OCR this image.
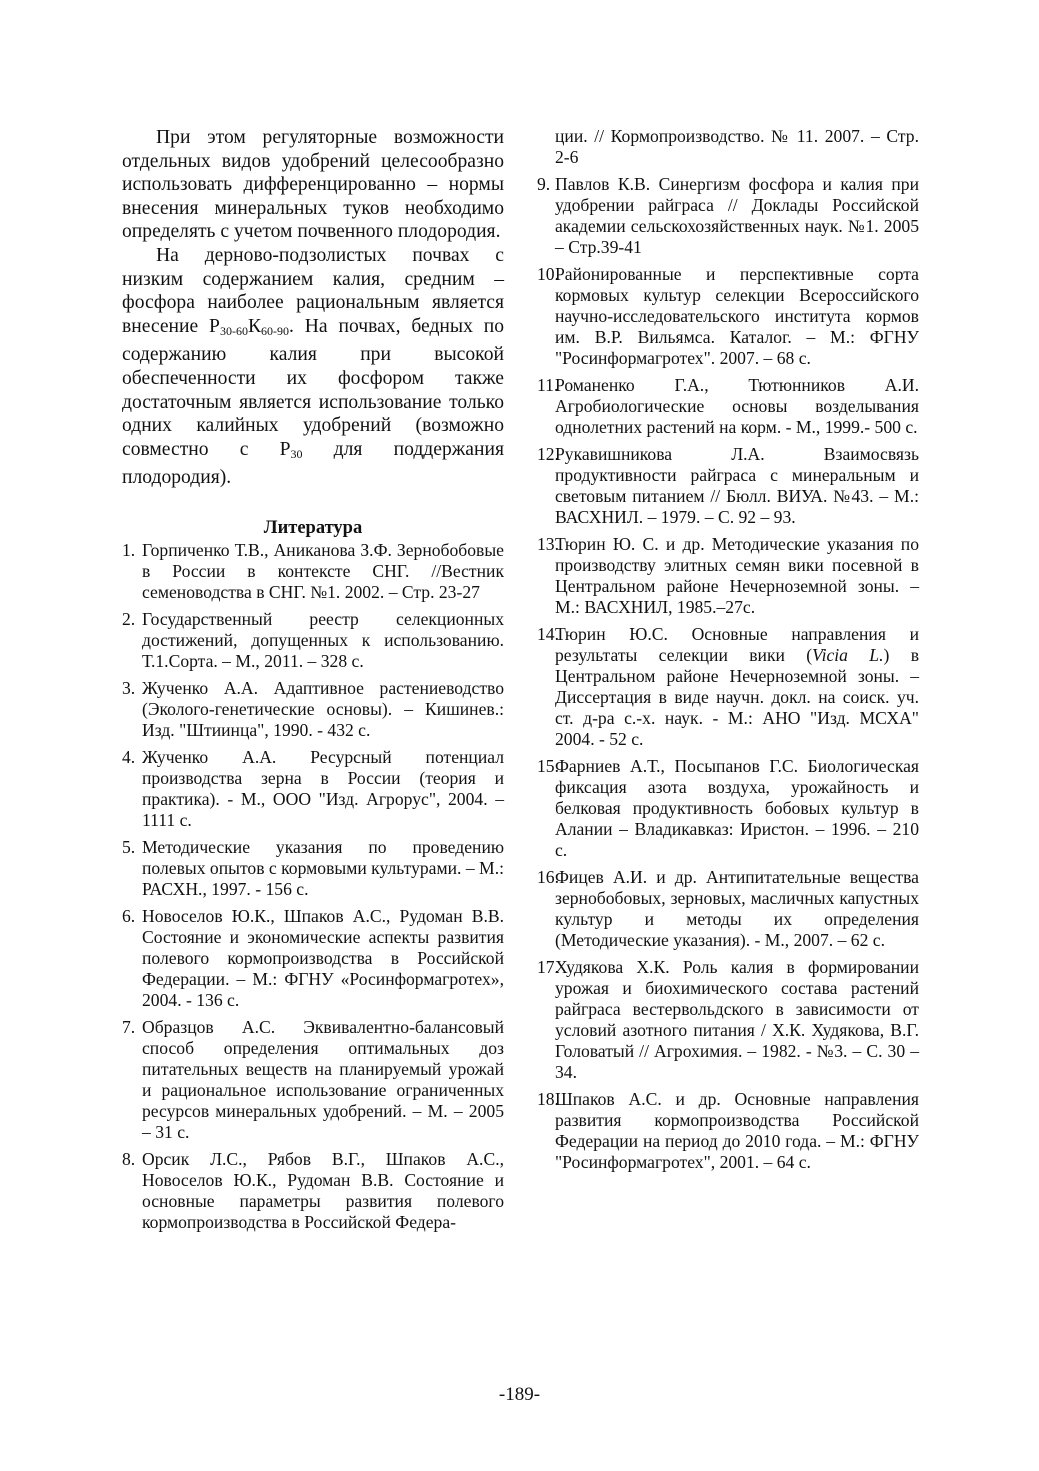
При этом регуляторные возможности отдельных видов удобрений целесообразно использовать дифференцированно – нормы внесения минеральных туков необходимо определять с учетом почвенного плодородия.

На дерново-подзолистых почвах с низким содержанием калия, средним – фосфора наиболее рациональным является внесение $Р_{30-60}К_{60-90}$. На почвах, бедных по содержанию калия при высокой обеспеченности их фосфором также достаточным является использование только одних калийных удобрений (возможно совместно с $Р_{30}$ для поддержания плодородия).

Литература
1. Горпиченко Т.В., Аниканова З.Ф. Зернобобовые в России в контексте СНГ. //Вестник семеноводства в СНГ. №1. 2002. – Стр. 23-27
2. Государственный реестр селекционных достижений, допущенных к использованию. Т.1.Сорта. – М., 2011. – 328 с.
3. Жученко А.А. Адаптивное растениеводство (Эколого-генетические основы). – Кишинев.: Изд. "Штиинца", 1990. - 432 с.
4. Жученко А.А. Ресурсный потенциал производства зерна в России (теория и практика). - М., ООО "Изд. Агрорус", 2004. – 1111 с.
5. Методические указания по проведению полевых опытов с кормовыми культурами. – М.: РАСХН., 1997. - 156 с.
6. Новоселов Ю.К., Шпаков А.С., Рудоман В.В. Состояние и экономические аспекты развития полевого кормопроизводства в Российской Федерации. – М.: ФГНУ «Росинформагротех», 2004. - 136 с.
7. Образцов А.С. Эквивалентно-балансовый способ определения оптимальных доз питательных веществ на планируемый урожай и рациональное использование ограниченных ресурсов минеральных удобрений. – М. – 2005 – 31 с.
8. Орсик Л.С., Рябов В.Г., Шпаков А.С., Новоселов Ю.К., Рудоман В.В. Состояние и основные параметры развития полевого кормопроизводства в Российской Федера-
ции. // Кормопроизводство. № 11. 2007. – Стр. 2-6
9. Павлов К.В. Синергизм фосфора и калия при удобрении райграса // Доклады Российской академии сельскохозяйственных наук. №1. 2005 – Стр.39-41
10.
Районированные и перспективные сорта кормовых культур селекции Всероссийского научно-исследовательского института кормов им. В.Р. Вильямса. Каталог. – М.: ФГНУ "Росинформагротех". 2007. – 68 с.
11.
Романенко Г.А., Тютюнников А.И. Агробиологические основы возделывания однолетних растений на корм. - М., 1999.- 500 с.
12.
Рукавишникова Л.А. Взаимосвязь продуктивности райграса с минеральным и световым питанием // Бюлл. ВИУА. №43. – М.: ВАСХНИЛ. – 1979. – С. 92 – 93.
13.
Тюрин Ю. С. и др. Методические указания по производству элитных семян вики посевной в Центральном районе Нечерноземной зоны. – М.: ВАСХНИЛ, 1985.–27с.
14.
Тюрин Ю.С. Основные направления и результаты селекции вики (Vicia L.) в Центральном районе Нечерноземной зоны. – Диссертация в виде научн. докл. на соиск. уч. ст. д-ра с.-х. наук. - М.: АНО "Изд. МСХА" 2004. - 52 с.
15.
Фарниев А.Т., Посыпанов Г.С. Биологическая фиксация азота воздуха, урожайность и белковая продуктивность бобовых культур в Алании – Владикавказ: Иристон. – 1996. – 210 с.
16.
Фицев А.И. и др. Антипитательные вещества зернобобовых, зерновых, масличных капустных культур и методы их определения (Методические указания). - М., 2007. – 62 с.
17.
Худякова Х.К. Роль калия в формировании урожая и биохимического состава растений райграса вестервольдского в зависимости от условий азотного питания / Х.К. Худякова, В.Г. Головатый // Агрохимия. – 1982. - №3. – С. 30 – 34.
18.
Шпаков А.С. и др. Основные направления развития кормопроизводства Российской Федерации на период до 2010 года. – М.: ФГНУ "Росинформагротех", 2001. – 64 с.
-189-
